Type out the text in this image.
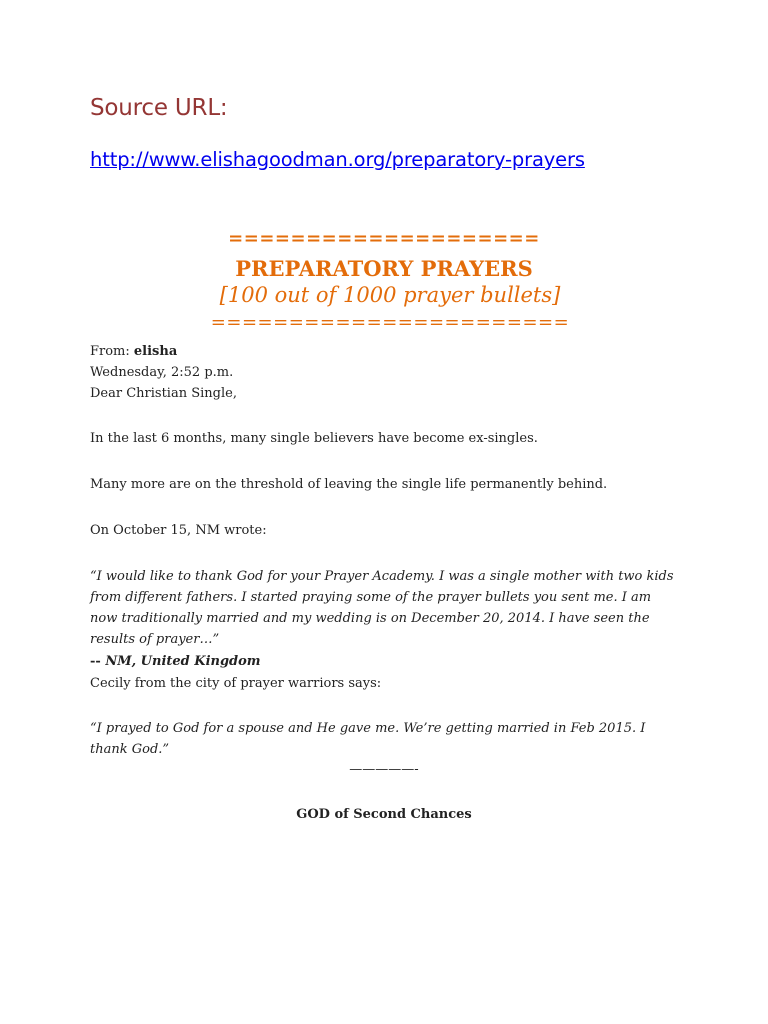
Source URL:
http://www.elishagoodman.org/preparatory-prayers
====================
PREPARATORY PRAYERS
[100 out of 1000 prayer bullets]
=======================

From: elisha

Wednesday, 2:52 p.m.

Dear Christian Single,

In the last 6 months, many single believers have become ex-singles.

Many more are on the threshold of leaving the single life permanently behind.

On October 15, NM wrote:

“I would like to thank God for your Prayer Academy. I was a single mother with two kids from different fathers. I started praying some of the prayer bullets you sent me. I am now traditionally married and my wedding is on December 20, 2014. I have seen the results of prayer…”

-- NM, United Kingdom

Cecily from the city of prayer warriors says:

“I prayed to God for a spouse and He gave me. We’re getting married in Feb 2015. I thank God.”

—————-
GOD of Second Chances
